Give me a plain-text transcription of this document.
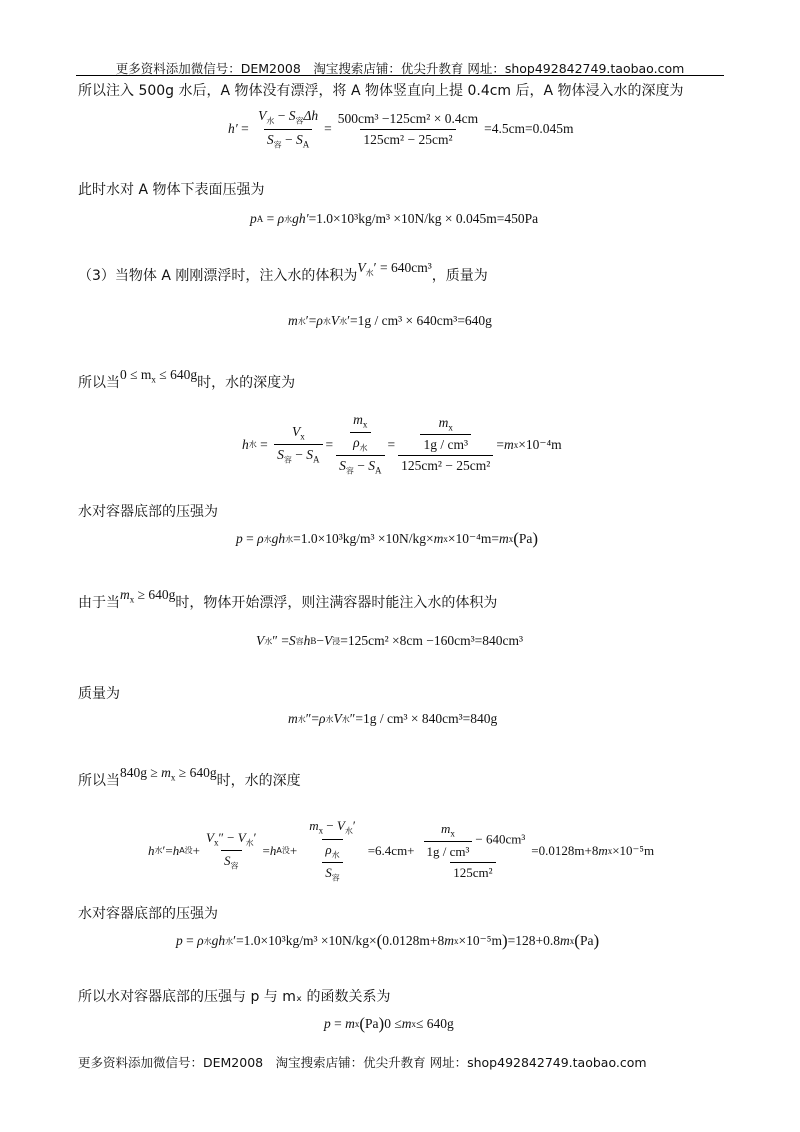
更多资料添加微信号：DEM2008　淘宝搜索店铺：优尖升教育 网址：shop492842749.taobao.com
所以注入 500g 水后，A 物体没有漂浮，将 A 物体竖直向上提 0.4cm 后，A 物体浸入水的深度为
$h' = \frac{V_水 - S_容\Delta h}{S_容 - S_A} = \frac{\text{500cm³ −125cm² × 0.4cm}}{\text{125cm² − 25cm²}} =4.5cm=0.045m$
此时水对 A 物体下表面压强为
p A = ρ 水 gh′ =1.0×10³kg/m³ ×10N/kg × 0.045m=450Pa
（3）当物体 A 刚刚漂浮时，注入水的体积为$V_水' = 640cm^3$，质量为
m 水 ′= ρ 水 V 水 ′ =1g / cm³ × 640cm³=640g
所以当$0 \le m_x \le 640g$时，水的深度为
h 水 = $\frac{V_x}{S_容 - S_A} = \frac{\frac{m_x}{\rho_水}}{S_容 - S_A} = \frac{\frac{m_x}{\text{1g / cm³}}}{\text{125cm² − 25cm²}} = m$ x ×10⁻⁴m
水对容器底部的压强为
p = ρ 水 gh 水 =1.0×10³kg/m³ ×10N/kg× m x ×10⁻⁴m= m x ( Pa )
由于当$m_x \ge 640g$时，物体开始漂浮，则注满容器时能注入水的体积为
V 水 ″ = S 容 h B − V 浸 =125cm² ×8cm −160cm³=840cm³
质量为
m 水 ″= ρ 水 V 水 ″ =1g / cm³ × 840cm³=840g
所以当$840g \ge m_x \ge 640g$时，水的深度
h 水 ′= h A没 + $\frac{V_x'' - V_水'}{S_容} = h$ A没 + $\frac{\frac{m_x - V_水'}{\rho_水}}{S_容} =6.4cm+ \frac{\frac{m_x}{\text{1g / cm³}} - 640cm^3}{\text{125cm²}} =0.0128m+8$ m x ×10⁻⁵m
水对容器底部的压强为
p = ρ 水 gh 水 ′ =1.0×10³kg/m³ ×10N/kg× ( 0.0128m+8 m x ×10⁻⁵m ) =128+0.8 m x ( Pa )
所以水对容器底部的压强与 p 与 mₓ 的函数关系为
p = m x ( Pa ) 0 ≤ m x ≤ 640g
更多资料添加微信号：DEM2008　淘宝搜索店铺：优尖升教育 网址：shop492842749.taobao.com
